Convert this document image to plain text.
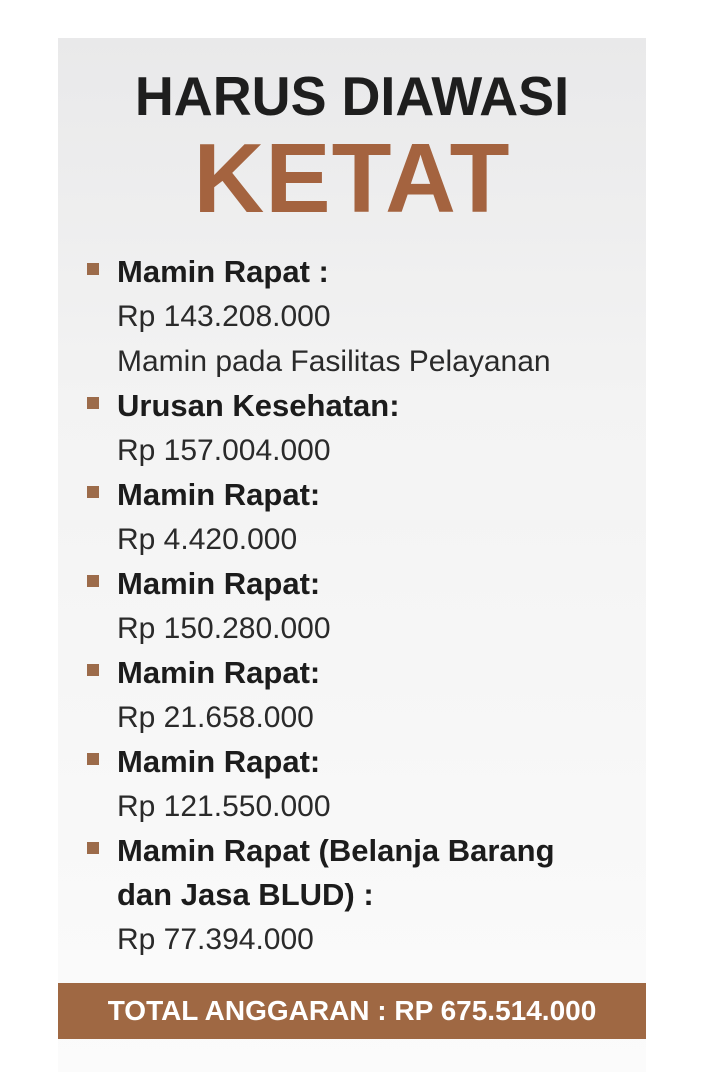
HARUS DIAWASI
KETAT
Mamin Rapat :
Rp 143.208.000
Mamin pada Fasilitas Pelayanan
Urusan Kesehatan:
Rp 157.004.000
Mamin Rapat:
Rp 4.420.000
Mamin Rapat:
Rp 150.280.000
Mamin Rapat:
Rp 21.658.000
Mamin Rapat:
Rp 121.550.000
Mamin Rapat (Belanja Barang
dan Jasa BLUD) :
Rp 77.394.000
TOTAL ANGGARAN : RP 675.514.000
